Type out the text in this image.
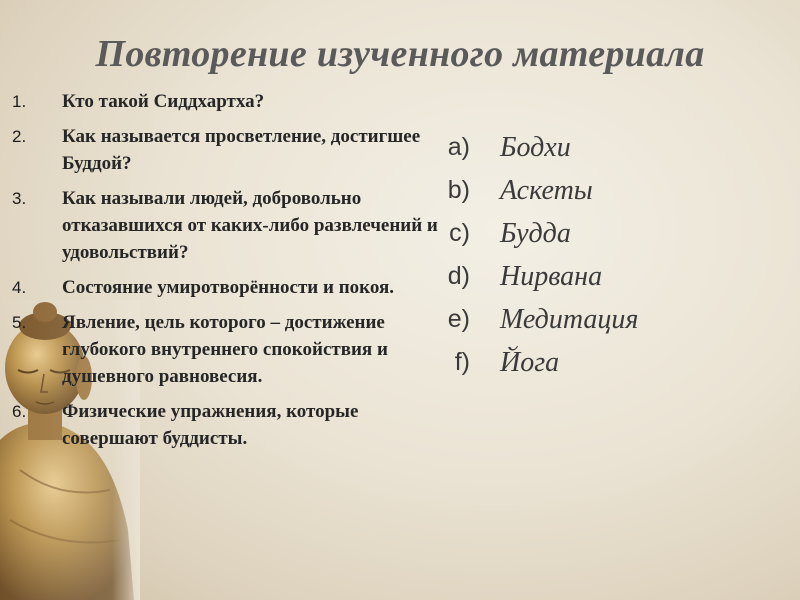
Повторение изученного материала
1.	Кто такой Сиддхартха?
2.	Как называется просветление, достигшее Буддой?
3.	Как называли людей, добровольно отказавшихся от каких-либо развлечений и удовольствий?
4.	Состояние умиротворённости и покоя.
5.	Явление, цель которого – достижение глубокого внутреннего спокойствия и душевного равновесия.
6.	Физические упражнения, которые совершают буддисты.
a) Бодхи
b) Аскеты
c) Будда
d) Нирвана
e) Медитация
f) Йога
